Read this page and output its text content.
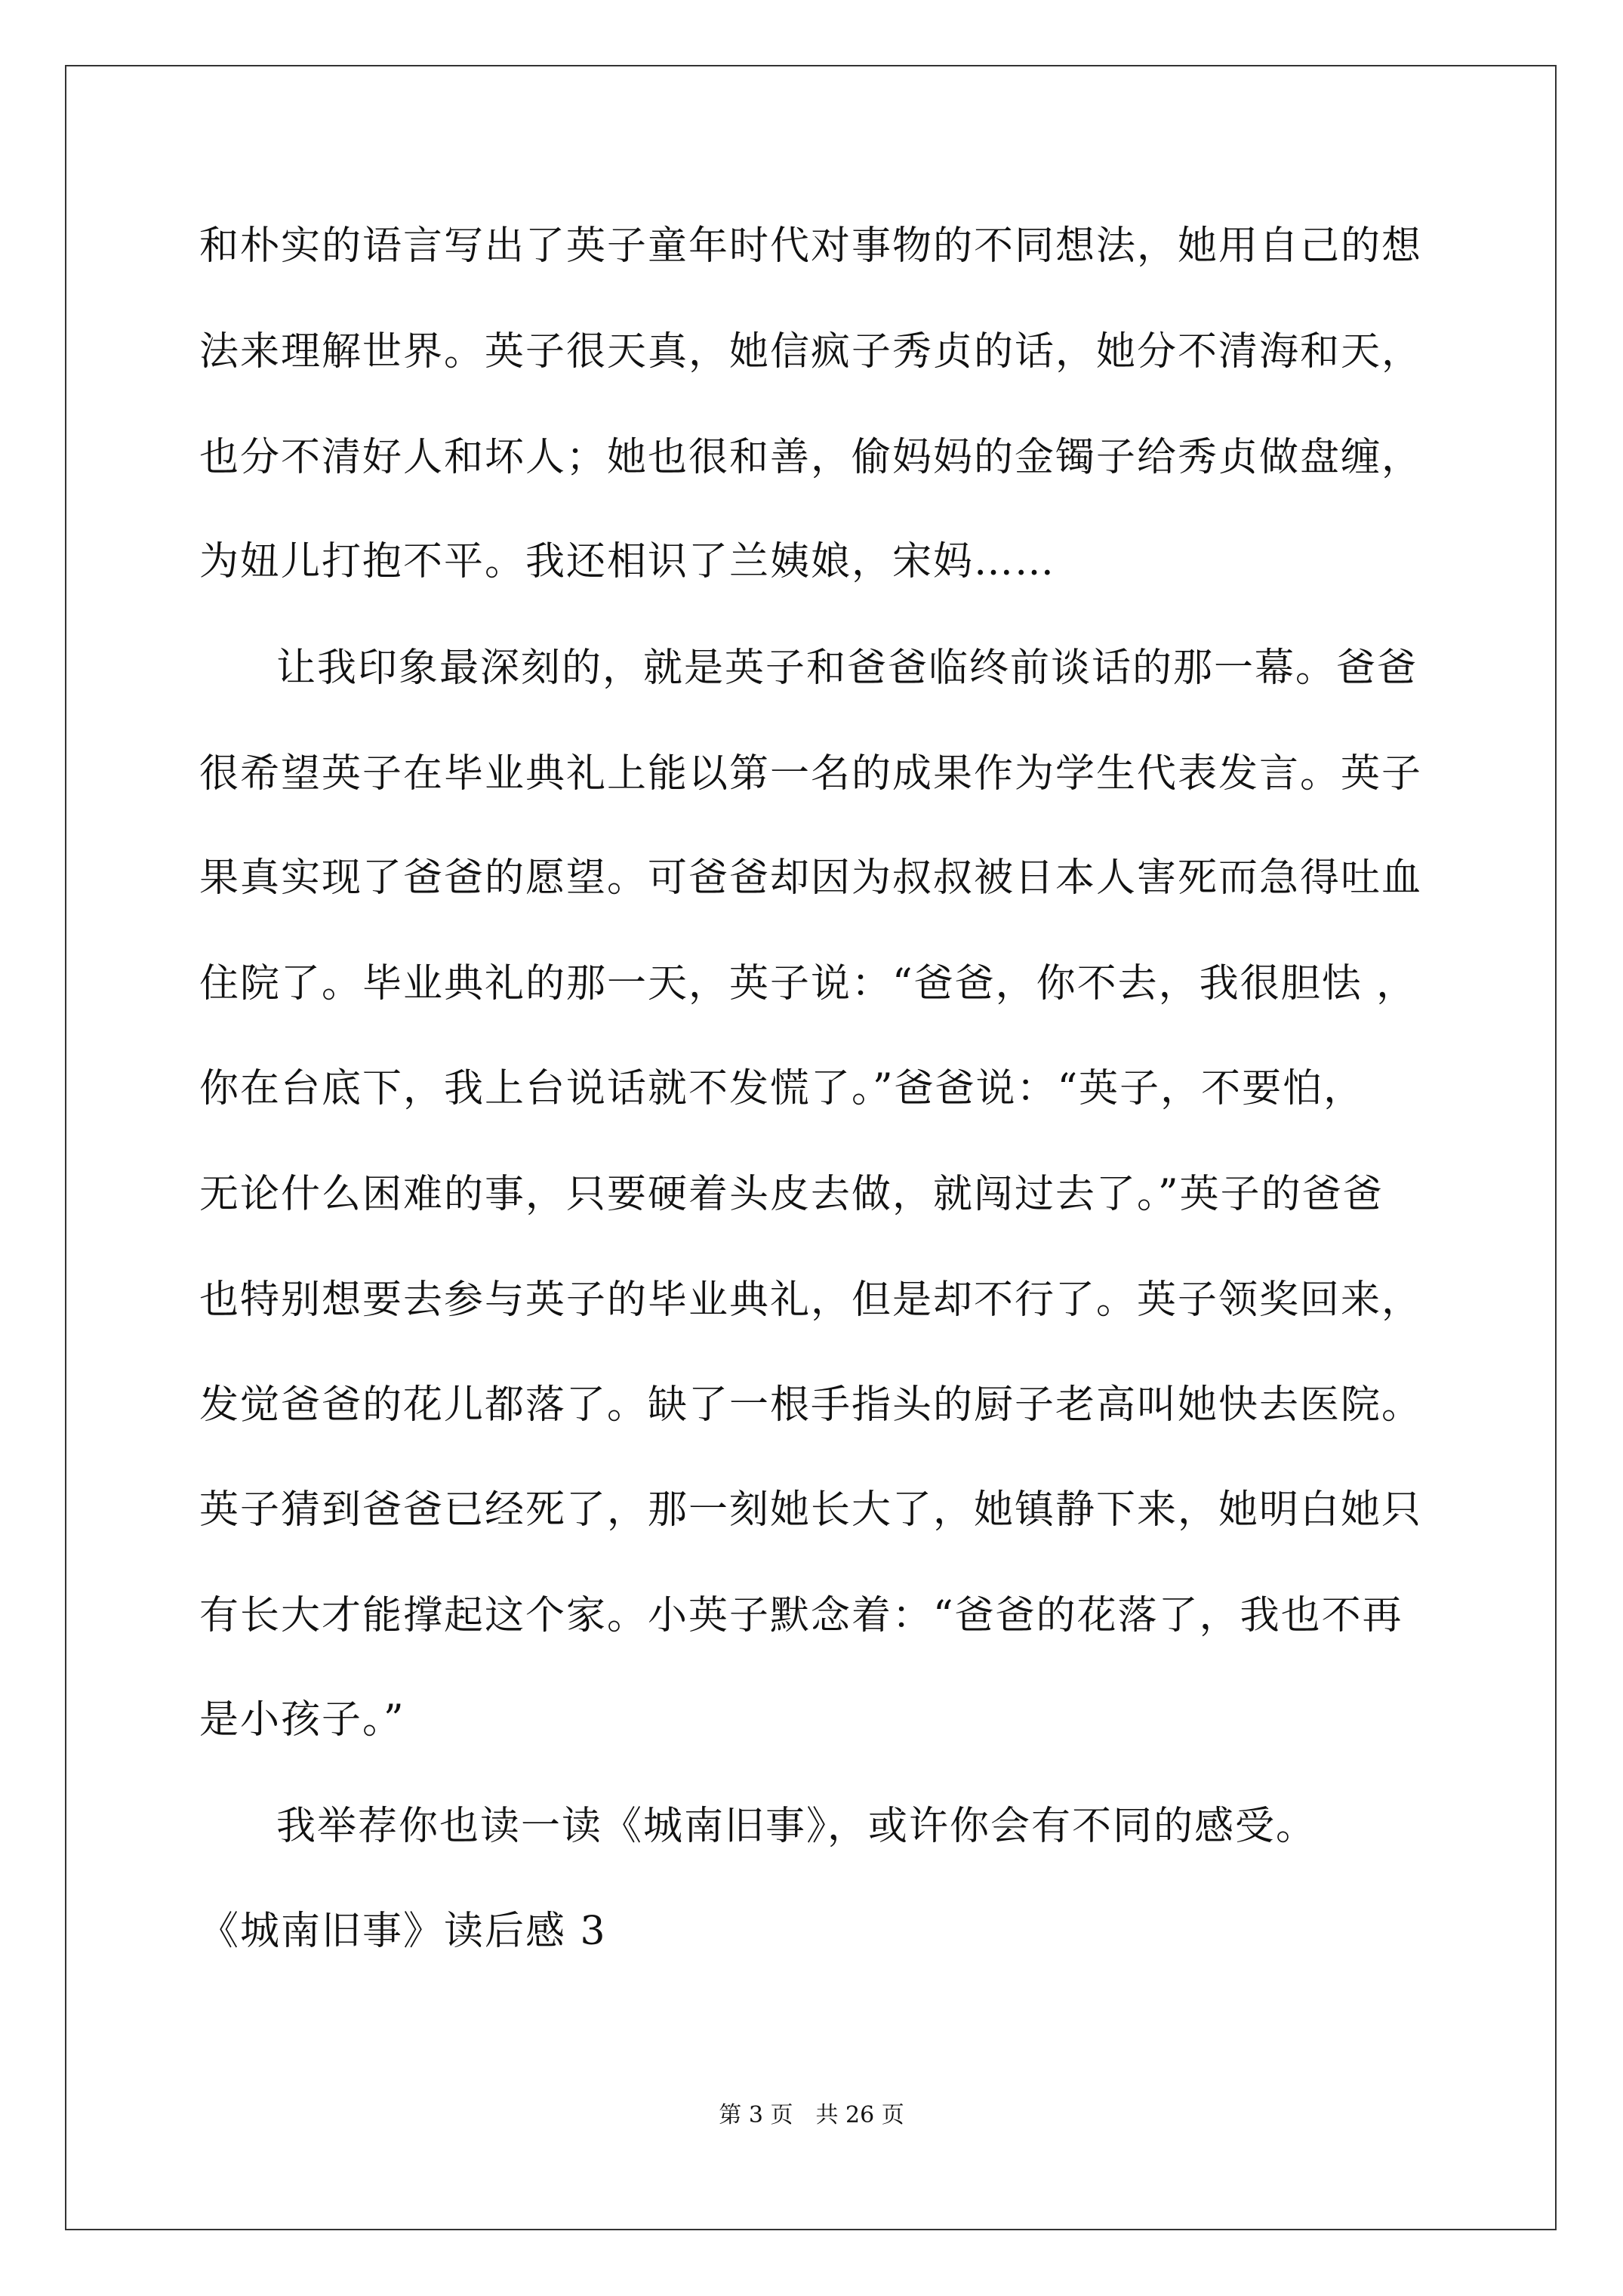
和朴实的语言写出了英子童年时代对事物的不同想法，她用自己的想
法来理解世界。英子很天真，她信疯子秀贞的话，她分不清海和天，
也分不清好人和坏人；她也很和善，偷妈妈的金镯子给秀贞做盘缠，
为妞儿打抱不平。我还相识了兰姨娘，宋妈……
让我印象最深刻的，就是英子和爸爸临终前谈话的那一幕。爸爸
很希望英子在毕业典礼上能以第一名的成果作为学生代表发言。英子
果真实现了爸爸的愿望。可爸爸却因为叔叔被日本人害死而急得吐血
住院了。毕业典礼的那一天，英子说：“爸爸，你不去，我很胆怯 ，
你在台底下，我上台说话就不发慌了。”爸爸说：“英子，不要怕，
无论什么困难的事，只要硬着头皮去做，就闯过去了。”英子的爸爸
也特别想要去参与英子的毕业典礼，但是却不行了。英子领奖回来，
发觉爸爸的花儿都落了。缺了一根手指头的厨子老高叫她快去医院。
英子猜到爸爸已经死了，那一刻她长大了，她镇静下来，她明白她只
有长大才能撑起这个家。小英子默念着：“爸爸的花落了，我也不再
是小孩子。”
我举荐你也读一读《城南旧事》，或许你会有不同的感受。
《城南旧事》读后感 3
第 3 页　共 26 页
